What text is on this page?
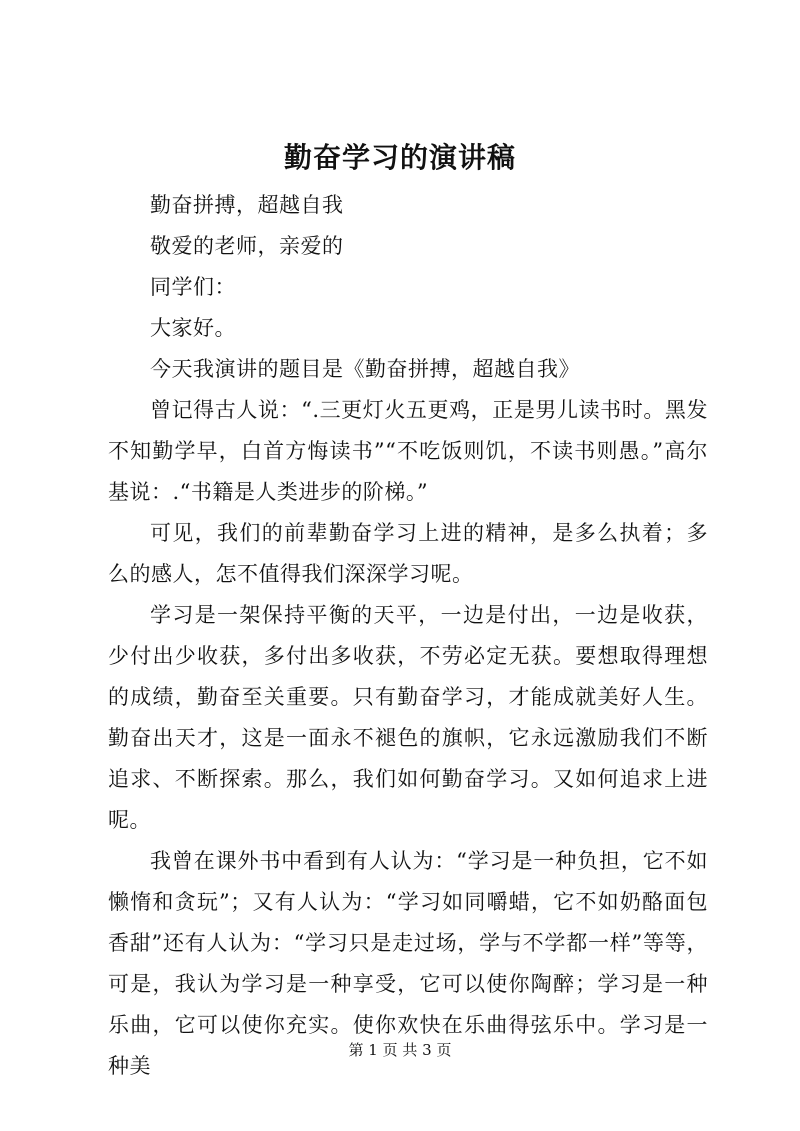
勤奋学习的演讲稿

勤奋拼搏，超越自我

敬爱的老师，亲爱的

同学们：

大家好。

今天我演讲的题目是《勤奋拼搏，超越自我》

曾记得古人说：“.三更灯火五更鸡，正是男儿读书时。黑发不知勤学早，白首方悔读书”“不吃饭则饥，不读书则愚。”高尔基说：.“书籍是人类进步的阶梯。”

可见，我们的前辈勤奋学习上进的精神，是多么执着；多么的感人，怎不值得我们深深学习呢。

学习是一架保持平衡的天平，一边是付出，一边是收获，少付出少收获，多付出多收获，不劳必定无获。要想取得理想的成绩，勤奋至关重要。只有勤奋学习，才能成就美好人生。勤奋出天才，这是一面永不褪色的旗帜，它永远激励我们不断追求、不断探索。那么，我们如何勤奋学习。又如何追求上进呢。

我曾在课外书中看到有人认为：“学习是一种负担，它不如懒惰和贪玩”；又有人认为：“学习如同嚼蜡，它不如奶酪面包香甜”还有人认为：“学习只是走过场，学与不学都一样”等等，可是，我认为学习是一种享受，它可以使你陶醉；学习是一种乐曲，它可以使你充实。使你欢快在乐曲得弦乐中。学习是一种美

第 1 页 共 3 页
